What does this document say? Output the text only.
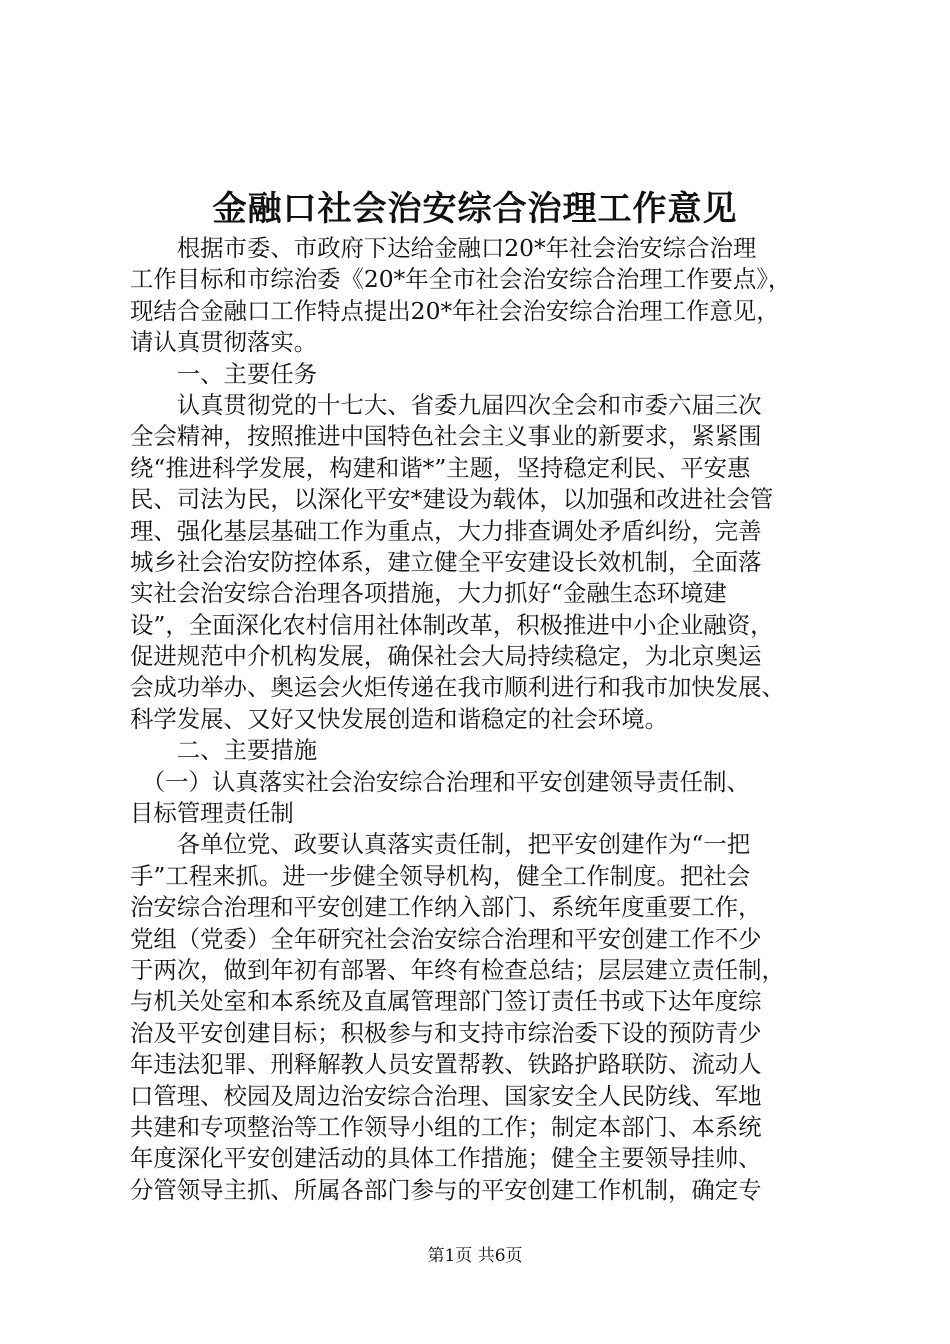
金融口社会治安综合治理工作意见
　　根据市委、市政府下达给金融口20*年社会治安综合治理
工作目标和市综治委《20*年全市社会治安综合治理工作要点》，
现结合金融口工作特点提出20*年社会治安综合治理工作意见，
请认真贯彻落实。
　　一、主要任务
　　认真贯彻党的十七大、省委九届四次全会和市委六届三次
全会精神，按照推进中国特色社会主义事业的新要求，紧紧围
绕“推进科学发展，构建和谐*”主题，坚持稳定利民、平安惠
民、司法为民，以深化平安*建设为载体，以加强和改进社会管
理、强化基层基础工作为重点，大力排查调处矛盾纠纷，完善
城乡社会治安防控体系，建立健全平安建设长效机制，全面落
实社会治安综合治理各项措施，大力抓好“金融生态环境建
设”，全面深化农村信用社体制改革，积极推进中小企业融资，
促进规范中介机构发展，确保社会大局持续稳定，为北京奥运
会成功举办、奥运会火炬传递在我市顺利进行和我市加快发展、
科学发展、又好又快发展创造和谐稳定的社会环境。
　　二、主要措施
　（一）认真落实社会治安综合治理和平安创建领导责任制、
目标管理责任制
　　各单位党、政要认真落实责任制，把平安创建作为“一把
手”工程来抓。进一步健全领导机构，健全工作制度。把社会
治安综合治理和平安创建工作纳入部门、系统年度重要工作，
党组（党委）全年研究社会治安综合治理和平安创建工作不少
于两次，做到年初有部署、年终有检查总结；层层建立责任制，
与机关处室和本系统及直属管理部门签订责任书或下达年度综
治及平安创建目标；积极参与和支持市综治委下设的预防青少
年违法犯罪、刑释解教人员安置帮教、铁路护路联防、流动人
口管理、校园及周边治安综合治理、国家安全人民防线、军地
共建和专项整治等工作领导小组的工作；制定本部门、本系统
年度深化平安创建活动的具体工作措施；健全主要领导挂帅、
分管领导主抓、所属各部门参与的平安创建工作机制，确定专
第1页 共6页
